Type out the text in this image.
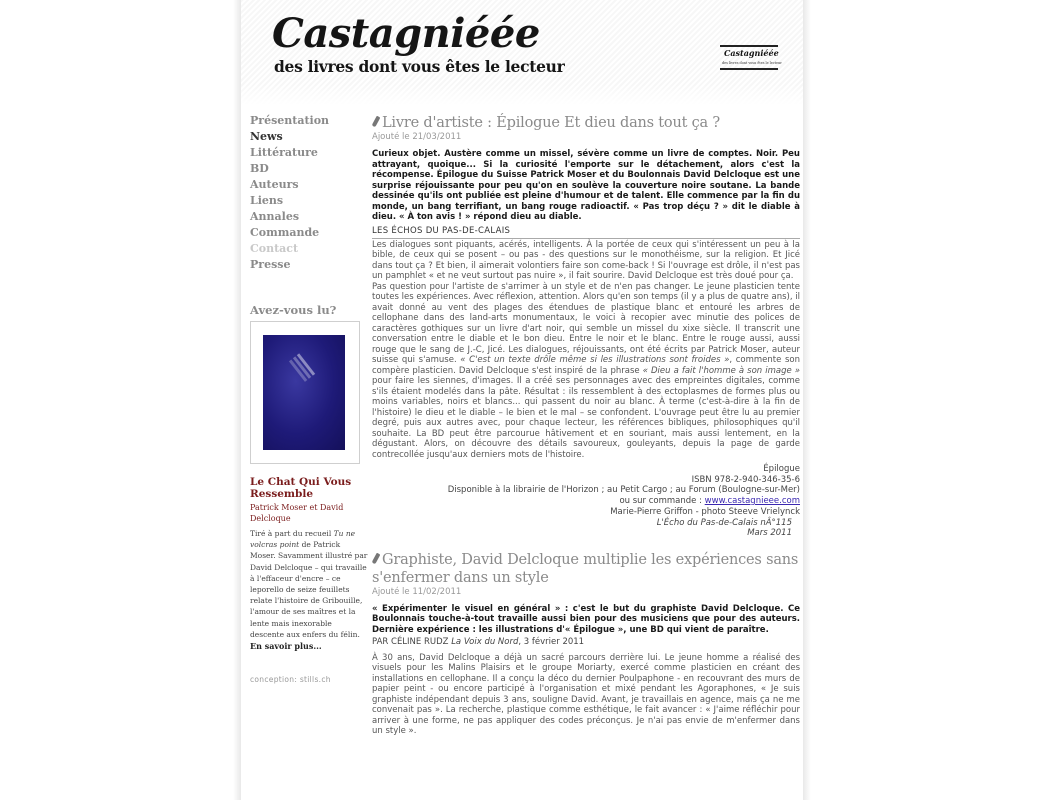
Castagniéée
des livres dont vous êtes le lecteur
Castagniéée
des livres dont vous êtes le lecteur
Présentation
News
Littérature
BD
Auteurs
Liens
Annales
Commande
Contact
Presse
Avez-vous lu?
Le Chat Qui Vous Ressemble
Patrick Moser et David Delcloque
Tiré à part du recueil Tu ne volcras point de Patrick Moser. Savamment illustré par David Delcloque – qui travaille à l'effaceur d'encre – ce leporello de seize feuillets relate l'histoire de Gribouille, l'amour de ses maîtres et la lente mais inexorable descente aux enfers du félin.
En savoir plus...
conception: stills.ch
Livre d'artiste : Épilogue Et dieu dans tout ça ?
Ajouté le 21/03/2011
Curieux objet. Austère comme un missel, sévère comme un livre de comptes. Noir. Peu attrayant, quoique... Si la curiosité l'emporte sur le détachement, alors c'est la récompense. Épilogue du Suisse Patrick Moser et du Boulonnais David Delcloque est une surprise réjouissante pour peu qu'on en soulève la couverture noire soutane. La bande dessinée qu'ils ont publiée est pleine d'humour et de talent. Elle commence par la fin du monde, un bang terrifiant, un bang rouge radioactif. « Pas trop déçu ? » dit le diable à dieu. « À ton avis ! » répond dieu au diable.
LES ÉCHOS DU PAS-DE-CALAIS

Les dialogues sont piquants, acérés, intelligents. À la portée de ceux qui s'intéressent un peu à la bible, de ceux qui se posent – ou pas - des questions sur le monothéisme, sur la religion. Et Jicé dans tout ça ? Et bien, il aimerait volontiers faire son come-back ! Si l'ouvrage est drôle, il n'est pas un pamphlet « et ne veut surtout pas nuire », il fait sourire. David Delcloque est très doué pour ça.

Pas question pour l'artiste de s'arrimer à un style et de n'en pas changer. Le jeune plasticien tente toutes les expériences. Avec réflexion, attention. Alors qu'en son temps (il y a plus de quatre ans), il avait donné au vent des plages des étendues de plastique blanc et entouré les arbres de cellophane dans des land-arts monumentaux, le voici à recopier avec minutie des polices de caractères gothiques sur un livre d'art noir, qui semble un missel du xixe siècle. Il transcrit une conversation entre le diable et le bon dieu. Entre le noir et le blanc. Entre le rouge aussi, aussi rouge que le sang de J.-C, Jicé. Les dialogues, réjouissants, ont été écrits par Patrick Moser, auteur suisse qui s'amuse. « C'est un texte drôle même si les illustrations sont froides », commente son compère plasticien. David Delcloque s'est inspiré de la phrase « Dieu a fait l'homme à son image » pour faire les siennes, d'images. Il a créé ses personnages avec des empreintes digitales, comme s'ils étaient modelés dans la pâte. Résultat : ils ressemblent à des ectoplasmes de formes plus ou moins variables, noirs et blancs... qui passent du noir au blanc. À terme (c'est-à-dire à la fin de l'histoire) le dieu et le diable – le bien et le mal – se confondent. L'ouvrage peut être lu au premier degré, puis aux autres avec, pour chaque lecteur, les références bibliques, philosophiques qu'il souhaite. La BD peut être parcourue hâtivement et en souriant, mais aussi lentement, en la dégustant. Alors, on découvre des détails savoureux, gouleyants, depuis la page de garde contrecollée jusqu'aux derniers mots de l'histoire.

Épilogue
ISBN 978-2-940-346-35-6
Disponible à la librairie de l'Horizon ; au Petit Cargo ; au Forum (Boulogne-sur-Mer)
ou sur commande : www.castagnieee.com
Marie-Pierre Griffon - photo Steeve Vrielynck
L'Écho du Pas-de-Calais nÂ°115
Mars 2011
Graphiste, David Delcloque multiplie les expériences sans s'enfermer dans un style
Ajouté le 11/02/2011
« Expérimenter le visuel en général » : c'est le but du graphiste David Delcloque. Ce Boulonnais touche-à-tout travaille aussi bien pour des musiciens que pour des auteurs. Dernière expérience : les illustrations d'« Épilogue », une BD qui vient de paraître.
PAR CÉLINE RUDZ La Voix du Nord, 3 février 2011

À 30 ans, David Delcloque a déjà un sacré parcours derrière lui. Le jeune homme a réalisé des visuels pour les Malins Plaisirs et le groupe Moriarty, exercé comme plasticien en créant des installations en cellophane. Il a conçu la déco du dernier Poulpaphone - en recouvrant des murs de papier peint - ou encore participé à l'organisation et mixé pendant les Agoraphones, « Je suis graphiste indépendant depuis 3 ans, souligne David. Avant, je travaillais en agence, mais ça ne me convenait pas ». La recherche, plastique comme esthétique, le fait avancer : « J'aime réfléchir pour arriver à une forme, ne pas appliquer des codes préconçus. Je n'ai pas envie de m'enfermer dans un style ».
